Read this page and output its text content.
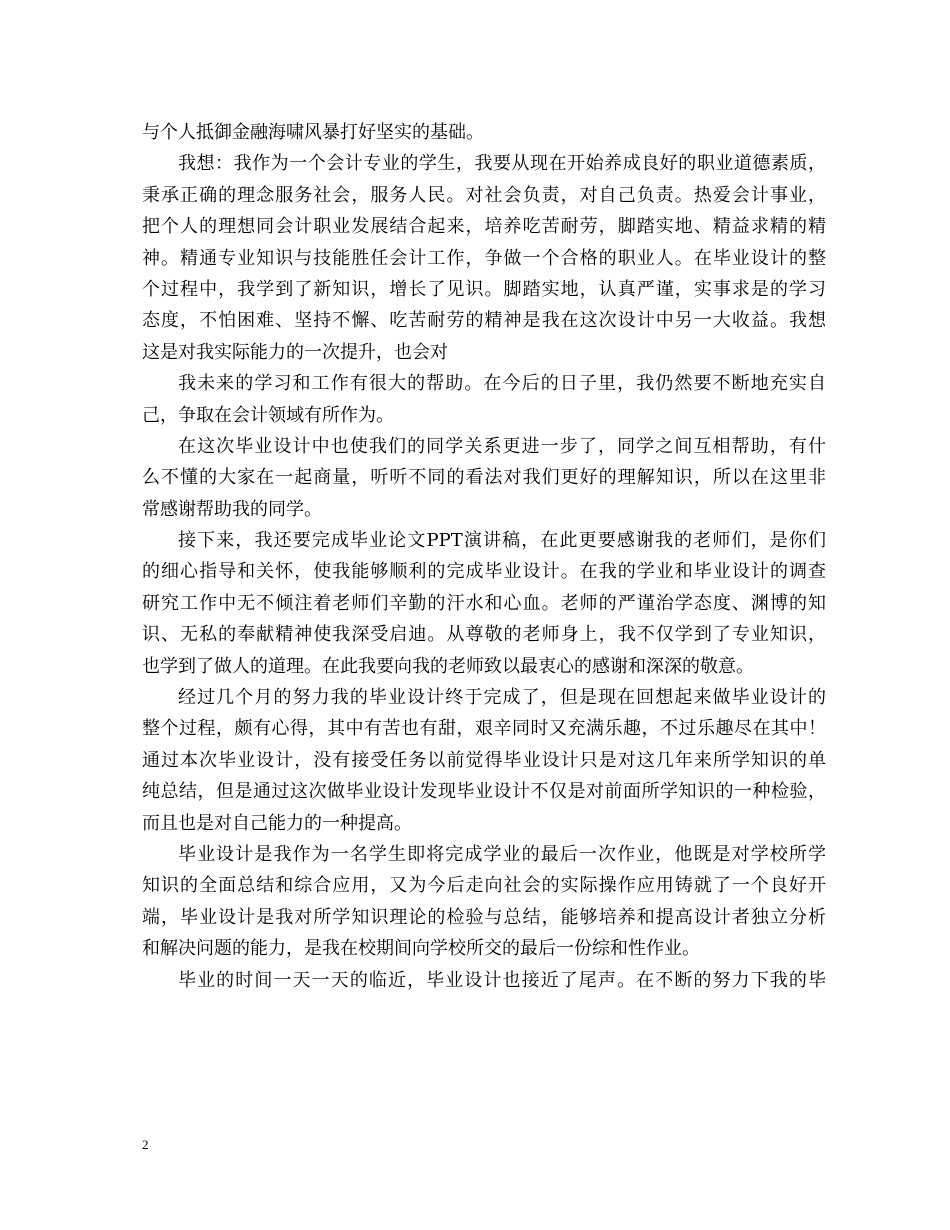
与个人抵御金融海啸风暴打好坚实的基础。
我想：我作为一个会计专业的学生，我要从现在开始养成良好的职业道德素质，
秉承正确的理念服务社会，服务人民。对社会负责，对自己负责。热爱会计事业，
把个人的理想同会计职业发展结合起来，培养吃苦耐劳，脚踏实地、精益求精的精
神。精通专业知识与技能胜任会计工作，争做一个合格的职业人。在毕业设计的整
个过程中，我学到了新知识，增长了见识。脚踏实地，认真严谨，实事求是的学习
态度，不怕困难、坚持不懈、吃苦耐劳的精神是我在这次设计中另一大收益。我想
这是对我实际能力的一次提升，也会对
我未来的学习和工作有很大的帮助。在今后的日子里，我仍然要不断地充实自
己，争取在会计领域有所作为。
在这次毕业设计中也使我们的同学关系更进一步了，同学之间互相帮助，有什
么不懂的大家在一起商量，听听不同的看法对我们更好的理解知识，所以在这里非
常感谢帮助我的同学。
接下来，我还要完成毕业论文PPT演讲稿，在此更要感谢我的老师们，是你们
的细心指导和关怀，使我能够顺利的完成毕业设计。在我的学业和毕业设计的调查
研究工作中无不倾注着老师们辛勤的汗水和心血。老师的严谨治学态度、渊博的知
识、无私的奉献精神使我深受启迪。从尊敬的老师身上，我不仅学到了专业知识，
也学到了做人的道理。在此我要向我的老师致以最衷心的感谢和深深的敬意。
经过几个月的努力我的毕业设计终于完成了，但是现在回想起来做毕业设计的
整个过程，颇有心得，其中有苦也有甜，艰辛同时又充满乐趣，不过乐趣尽在其中！
通过本次毕业设计，没有接受任务以前觉得毕业设计只是对这几年来所学知识的单
纯总结，但是通过这次做毕业设计发现毕业设计不仅是对前面所学知识的一种检验，
而且也是对自己能力的一种提高。
毕业设计是我作为一名学生即将完成学业的最后一次作业，他既是对学校所学
知识的全面总结和综合应用，又为今后走向社会的实际操作应用铸就了一个良好开
端，毕业设计是我对所学知识理论的检验与总结，能够培养和提高设计者独立分析
和解决问题的能力，是我在校期间向学校所交的最后一份综和性作业。
毕业的时间一天一天的临近，毕业设计也接近了尾声。在不断的努力下我的毕
2
